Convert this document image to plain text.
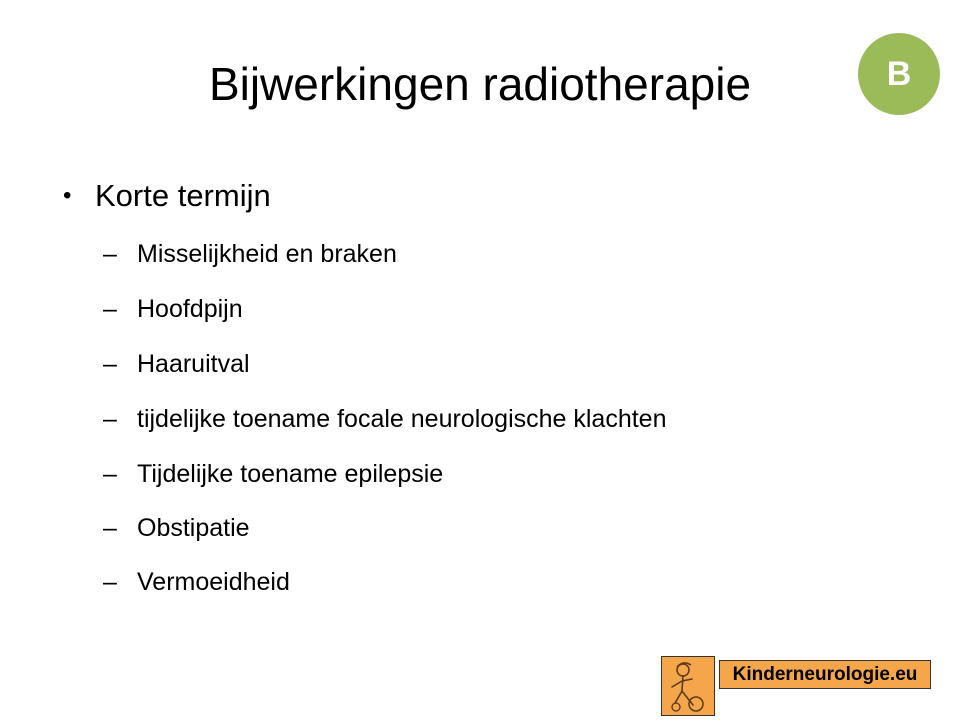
Bijwerkingen radiotherapie	B
• Korte termijn
– Misselijkheid en braken
– Hoofdpijn
– Haaruitval
– tijdelijke toename focale neurologische klachten
– Tijdelijke toename epilepsie
– Obstipatie
– Vermoeidheid
Kinderneurologie.eu
